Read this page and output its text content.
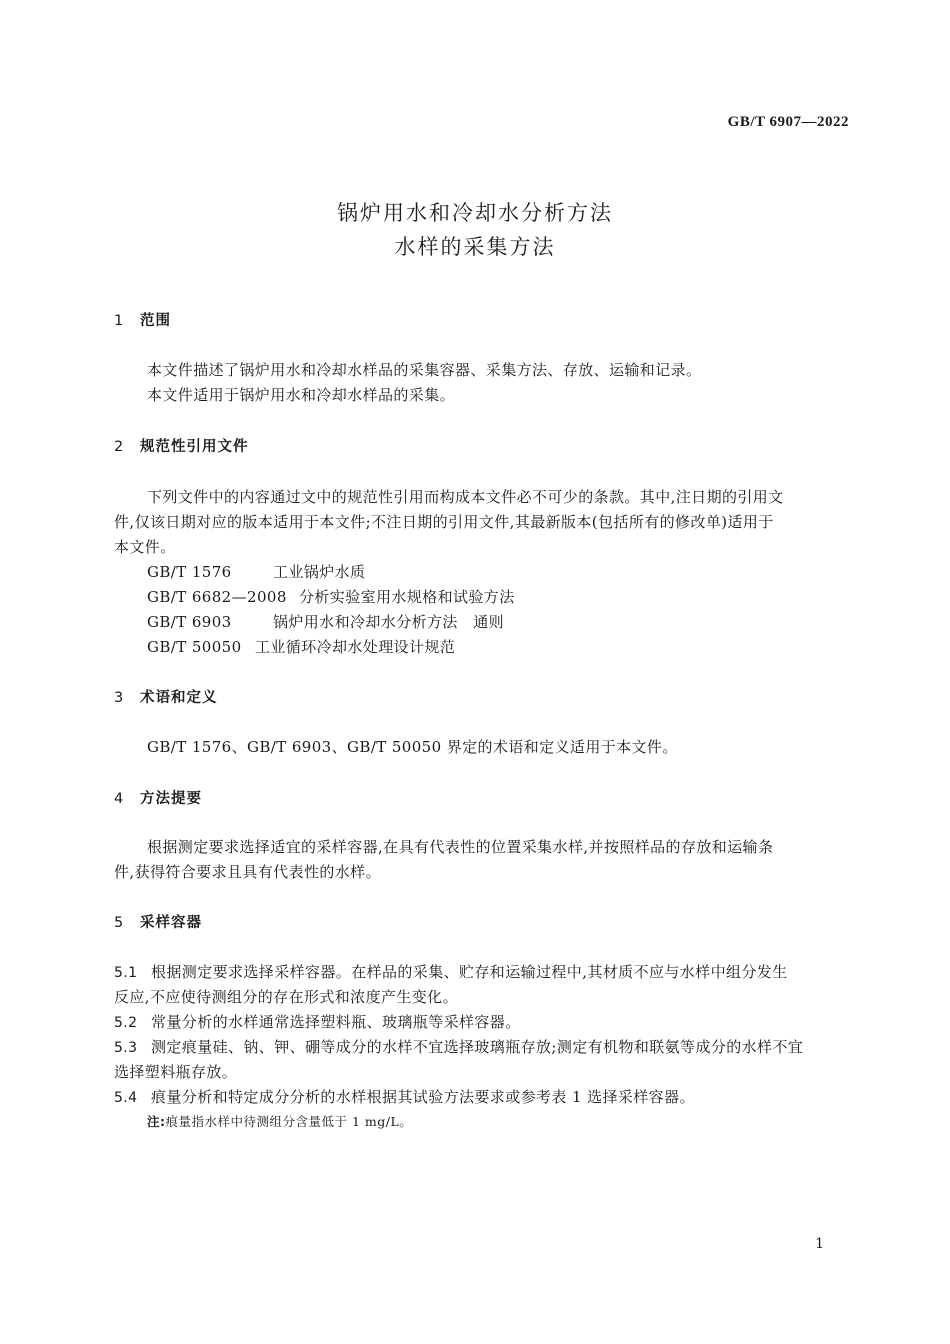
GB/T 6907—2022
锅炉用水和冷却水分析方法
水样的采集方法
1 范围
本文件描述了锅炉用水和冷却水样品的采集容器、采集方法、存放、运输和记录。
本文件适用于锅炉用水和冷却水样品的采集。
2 规范性引用文件
下列文件中的内容通过文中的规范性引用而构成本文件必不可少的条款。其中,注日期的引用文
件,仅该日期对应的版本适用于本文件;不注日期的引用文件,其最新版本(包括所有的修改单)适用于
本文件。
GB/T 1576	工业锅炉水质
GB/T 6682—2008 分析实验室用水规格和试验方法
GB/T 6903	锅炉用水和冷却水分析方法　通则
GB/T 50050 工业循环冷却水处理设计规范
3 术语和定义
GB/T 1576、GB/T 6903、GB/T 50050 界定的术语和定义适用于本文件。
4 方法提要
根据测定要求选择适宜的采样容器,在具有代表性的位置采集水样,并按照样品的存放和运输条
件,获得符合要求且具有代表性的水样。
5 采样容器
5.1 根据测定要求选择采样容器。在样品的采集、贮存和运输过程中,其材质不应与水样中组分发生
反应,不应使待测组分的存在形式和浓度产生变化。
5.2 常量分析的水样通常选择塑料瓶、玻璃瓶等采样容器。
5.3 测定痕量硅、钠、钾、硼等成分的水样不宜选择玻璃瓶存放;测定有机物和联氨等成分的水样不宜
选择塑料瓶存放。
5.4 痕量分析和特定成分分析的水样根据其试验方法要求或参考表 1 选择采样容器。
注:痕量指水样中待测组分含量低于 1 mg/L。
1
